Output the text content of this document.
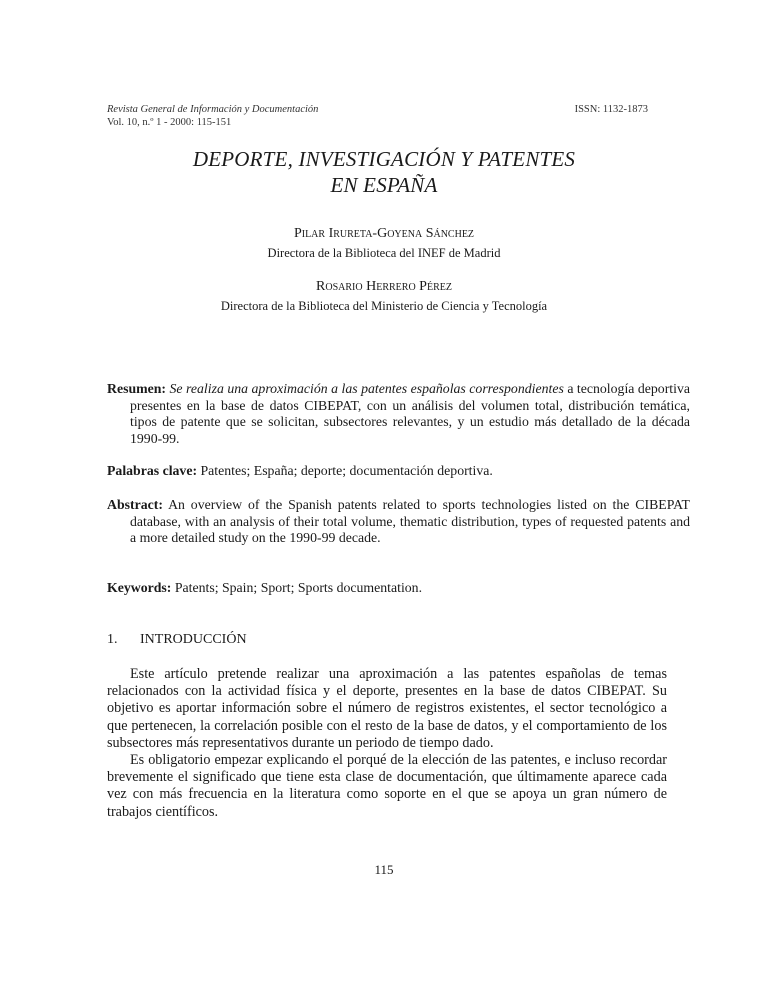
Revista General de Información y Documentación
Vol. 10, n.º 1 - 2000: 115-151
ISSN: 1132-1873
DEPORTE, INVESTIGACIÓN Y PATENTES
EN ESPAÑA
Pilar Irureta-Goyena Sánchez
Directora de la Biblioteca del INEF de Madrid
Rosario Herrero Pérez
Directora de la Biblioteca del Ministerio de Ciencia y Tecnología
Resumen: Se realiza una aproximación a las patentes españolas correspondientes a tecnología deportiva presentes en la base de datos CIBEPAT, con un análisis del volumen total, distribución temática, tipos de patente que se solicitan, subsectores relevantes, y un estudio más detallado de la década 1990-99.
Palabras clave: Patentes; España; deporte; documentación deportiva.
Abstract: An overview of the Spanish patents related to sports technologies listed on the CIBEPAT database, with an analysis of their total volume, thematic distribution, types of requested patents and a more detailed study on the 1990-99 decade.
Keywords: Patents; Spain; Sport; Sports documentation.
1. INTRODUCCIÓN

Este artículo pretende realizar una aproximación a las patentes españolas de temas relacionados con la actividad física y el deporte, presentes en la base de datos CIBEPAT. Su objetivo es aportar información sobre el número de registros existentes, el sector tecnológico a que pertenecen, la correlación posible con el resto de la base de datos, y el comportamiento de los subsectores más representativos durante un periodo de tiempo dado.

Es obligatorio empezar explicando el porqué de la elección de las patentes, e incluso recordar brevemente el significado que tiene esta clase de documentación, que últimamente aparece cada vez con más frecuencia en la literatura como soporte en el que se apoya un gran número de trabajos científicos.

115
